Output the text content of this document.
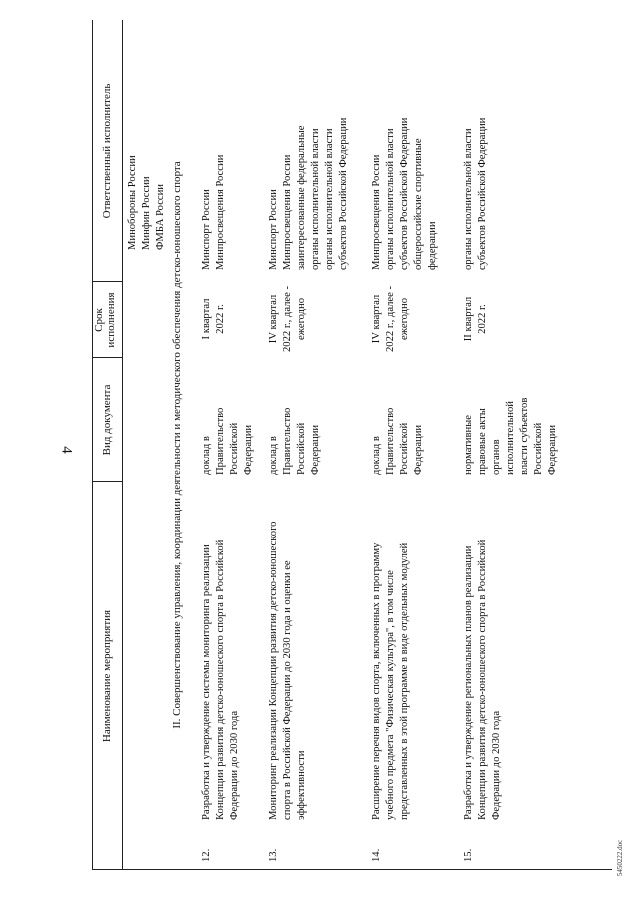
4
Наименование мероприятия
Вид документа
Срок исполнения
Ответственный исполнитель Минобороны России Минфин России ФМБА России II. Совершенствование управления, координации деятельности и методического обеспечения детско-юношеского спорта
12.
Разработка и утверждение системы мониторинга реализации Концепции развития детско-юношеского спорта в Российской Федерации до 2030 года
доклад в Правительство Российской Федерации
I квартал 2022 г.
Минспорт России Минпросвещения России
13.
Мониторинг реализации Концепции развития детско-юношеского спорта в Российской Федерации до 2030 года и оценки ее эффективности
доклад в Правительство Российской Федерации
IV квартал 2022 г., далее - ежегодно
Минспорт России Минпросвещения России заинтересованные федеральные органы исполнительной власти органы исполнительной власти субъектов Российской Федерации
14.
Расширение перечня видов спорта, включенных в программу учебного предмета "Физическая культура", в том числе представленных в этой программе в виде отдельных модулей
доклад в Правительство Российской Федерации
IV квартал 2022 г., далее - ежегодно
Минпросвещения России органы исполнительной власти субъектов Российской Федерации общероссийские спортивные федерации
15.
Разработка и утверждение региональных планов реализации Концепции развития детско-юношеского спорта в Российской Федерации до 2030 года
нормативные правовые акты органов исполнительной власти субъектов Российской Федерации
II квартал 2022 г.
органы исполнительной власти субъектов Российской Федерации
5450222.doc
